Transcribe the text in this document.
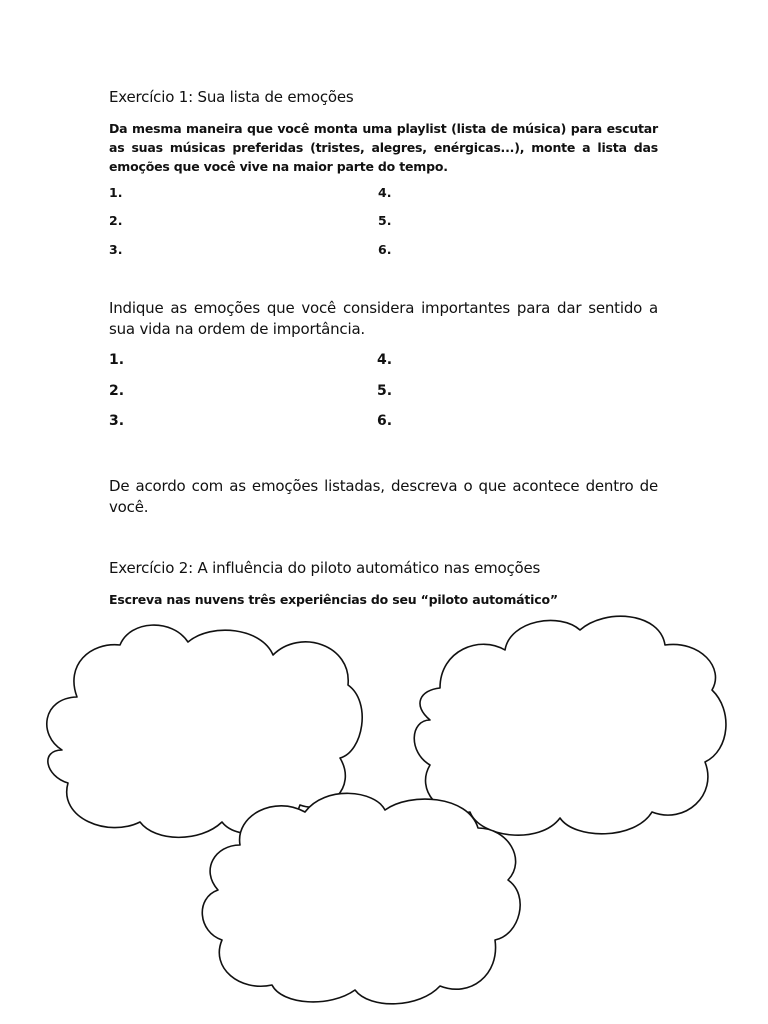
Exercício 1: Sua lista de emoções
Da mesma maneira que você monta uma playlist (lista de música) para escutar as suas músicas preferidas (tristes, alegres, enérgicas...), monte a lista das emoções que você vive na maior parte do tempo.
1.
2.
3.
4.
5.
6.
Indique as emoções que você considera importantes para dar sentido a sua vida na ordem de importância.
1.
2.
3.
4.
5.
6.
De acordo com as emoções listadas, descreva o que acontece dentro de você.
Exercício 2: A influência do piloto automático nas emoções
Escreva nas nuvens três experiências do seu “piloto automático”
